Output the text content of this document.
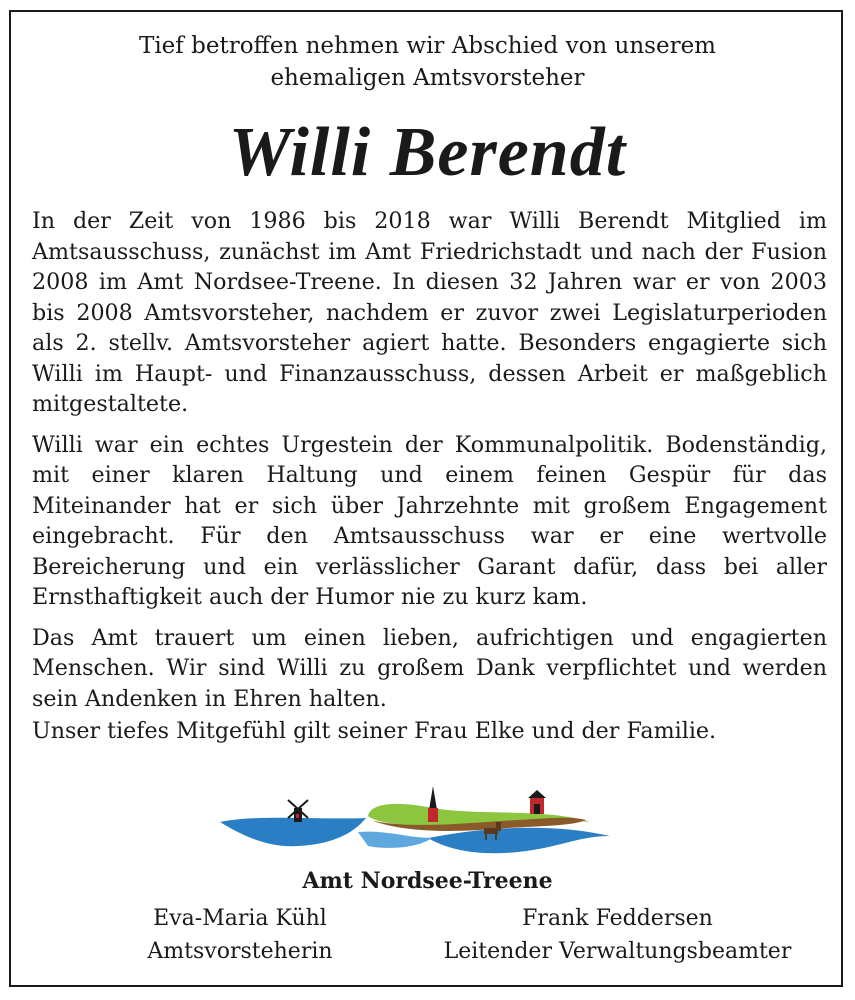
Tief betroffen nehmen wir Abschied von unserem
ehemaligen Amtsvorsteher
Willi Berendt

In der Zeit von 1986 bis 2018 war Willi Berendt Mitglied im Amtsausschuss, zunächst im Amt Friedrichstadt und nach der Fusion 2008 im Amt Nordsee-Treene. In diesen 32 Jahren war er von 2003 bis 2008 Amtsvorsteher, nachdem er zuvor zwei Legislaturperioden als 2. stellv. Amtsvorsteher agiert hatte. Besonders engagierte sich Willi im Haupt- und Finanzausschuss, dessen Arbeit er maßgeblich mitgestaltete.

Willi war ein echtes Urgestein der Kommunalpolitik. Bodenständig, mit einer klaren Haltung und einem feinen Gespür für das Miteinander hat er sich über Jahrzehnte mit großem Engagement eingebracht. Für den Amtsausschuss war er eine wertvolle Bereicherung und ein verlässlicher Garant dafür, dass bei aller Ernsthaftigkeit auch der Humor nie zu kurz kam.

Das Amt trauert um einen lieben, aufrichtigen und engagierten Menschen. Wir sind Willi zu großem Dank verpflichtet und werden sein Andenken in Ehren halten.

Unser tiefes Mitgefühl gilt seiner Frau Elke und der Familie.

Amt Nordsee-Treene
Eva-Maria Kühl
Amtsvorsteherin
Frank Feddersen
Leitender Verwaltungsbeamter
